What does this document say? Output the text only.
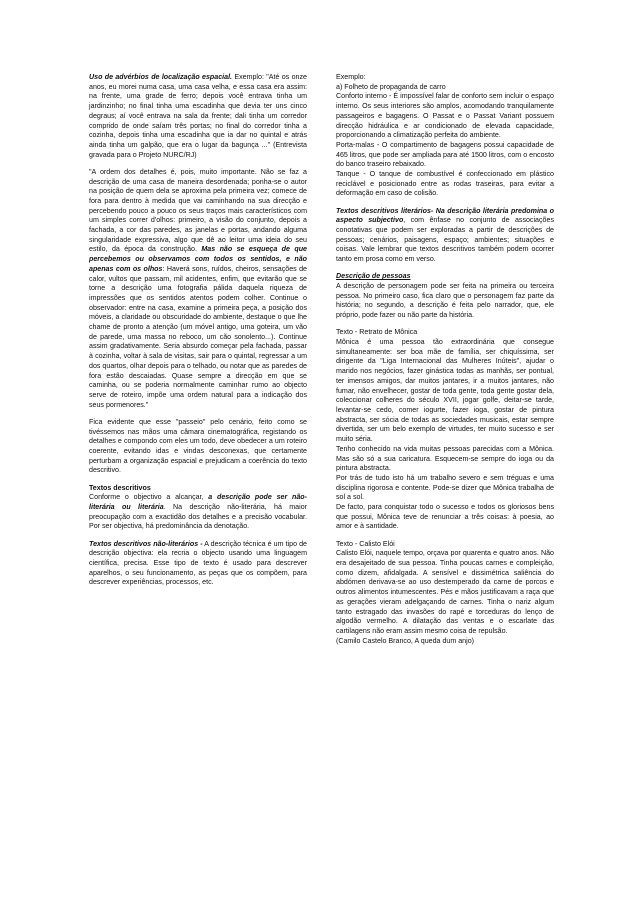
Uso de advérbios de localização espacial. Exemplo: "Até os onze anos, eu morei numa casa, uma casa velha, e essa casa era assim: na frente, uma grade de ferro; depois você entrava tinha um jardinzinho; no final tinha uma escadinha que devia ter uns cinco degraus; aí você entrava na sala da frente; dali tinha um corredor comprido de onde saíam três portas; no final do corredor tinha a cozinha, depois tinha uma escadinha que ia dar no quintal e atrás ainda tinha um galpão, que era o lugar da bagunça ..." (Entrevista gravada para o Projeto NURC/RJ)

"A ordem dos detalhes é, pois, muito importante. Não se faz a descrição de uma casa de maneira desordenada; ponha-se o autor na posição de quem dela se aproxima pela primeira vez; comece de fora para dentro à medida que vai caminhando na sua direcção e percebendo pouco a pouco os seus traços mais característicos com um simples correr d'olhos: primeiro, a visão do conjunto, depois a fachada, a cor das paredes, as janelas e portas, andando alguma singularidade expressiva, algo que dê ao leitor uma ideia do seu estilo, da época da construção. Mas não se esqueça de que percebemos ou observamos com todos os sentidos, e não apenas com os olhos: Haverá sons, ruídos, cheiros, sensações de calor, vultos que passam, mil acidentes, enfim, que evitarão que se torne a descrição uma fotografia pálida daquela riqueza de impressões que os sentidos atentos podem colher. Continue o observador: entre na casa, examine a primeira peça, a posição dos móveis, a claridade ou obscuridade do ambiente, destaque o que lhe chame de pronto a atenção (um móvel antigo, uma goteira, um vão de parede, uma massa no reboco, um cão sonolento...). Continue assim gradativamente. Seria absurdo começar pela fachada, passar à cozinha, voltar à sala de visitas, sair para o quintal, regressar a um dos quartos, olhar depois para o telhado, ou notar que as paredes de fora estão descaiadas. Quase sempre a direcção em que se caminha, ou se poderia normalmente caminhar rumo ao objecto serve de roteiro, impõe uma ordem natural para a indicação dos seus pormenores."

Fica evidente que esse "passeio" pelo cenário, feito como se tivéssemos nas mãos uma câmara cinematográfica, registando os detalhes e compondo com eles um todo, deve obedecer a um roteiro coerente, evitando idas e vindas desconexas, que certamente perturbam a organização espacial e prejudicam a coerência do texto descritivo.

Textos descritivos
Conforme o objectivo a alcançar, a descrição pode ser não-literária ou literária. Na descrição não-literária, há maior preocupação com a exactidão dos detalhes e a precisão vocabular. Por ser objectiva, há predominância da denotação.

Textos descritivos não-literários - A descrição técnica é um tipo de descrição objectiva: ela recria o objecto usando uma linguagem científica, precisa. Esse tipo de texto é usado para descrever aparelhos, o seu funcionamento, as peças que os compõem, para descrever experiências, processos, etc.

Exemplo:
a) Folheto de propaganda de carro
Conforto interno - É impossível falar de conforto sem incluir o espaço interno. Os seus interiores são amplos, acomodando tranquilamente passageiros e bagagens. O Passat e o Passat Variant possuem direcção hidráulica e ar condicionado de elevada capacidade, proporcionando a climatização perfeita do ambiente.
Porta-malas - O compartimento de bagagens possui capacidade de 465 litros, que pode ser ampliada para até 1500 litros, com o encosto do banco traseiro rebaixado.
Tanque - O tanque de combustível é confeccionado em plástico reciclável e posicionado entre as rodas traseiras, para evitar a deformação em caso de colisão.

Textos descritivos literários- Na descrição literária predomina o aspecto subjectivo, com ênfase no conjunto de associações conotativas que podem ser exploradas a partir de descrições de pessoas; cenários, paisagens, espaço; ambientes; situações e coisas. Vale lembrar que textos descritivos também podem ocorrer tanto em prosa como em verso.

Descrição de pessoas
A descrição de personagem pode ser feita na primeira ou terceira pessoa. No primeiro caso, fica claro que o personagem faz parte da história; no segundo, a descrição é feita pelo narrador, que, ele próprio, pode fazer ou não parte da história.

Texto - Retrato de Mônica
Mônica é uma pessoa tão extraordinária que consegue simultaneamente: ser boa mãe de família, ser chiquíssima, ser dirigente da "Liga Internacional das Mulheres Inúteis", ajudar o marido nos negócios, fazer ginástica todas as manhãs, ser pontual, ter imensos amigos, dar muitos jantares, ir a muitos jantares, não fumar, não envelhecer, gostar de toda gente, toda gente gostar dela, coleccionar colheres do século XVII, jogar golfe, deitar-se tarde, levantar-se cedo, comer iogurte, fazer ioga, gostar de pintura abstracta, ser sócia de todas as sociedades musicais, estar sempre divertida, ser um belo exemplo de virtudes, ter muito sucesso e ser muito séria.
Tenho conhecido na vida muitas pessoas parecidas com a Mônica. Mas são só a sua caricatura. Esquecem-se sempre do ioga ou da pintura abstracta.
Por trás de tudo isto há um trabalho severo e sem tréguas e uma disciplina rigorosa e contente. Pode-se dizer que Mônica trabalha de sol a sol.
De facto, para conquistar todo o sucesso e todos os gloriosos bens que possui, Mônica teve de renunciar a três coisas: à poesia, ao amor e à santidade.

Texto - Calisto Elói
Calisto Elói, naquele tempo, orçava por quarenta e quatro anos. Não era desajeitado de sua pessoa. Tinha poucas carnes e compleição, como dizem, afidalgada. A sensível e dissimétrica saliência do abdómen derivava-se ao uso destemperado da carne de porcos e outros alimentos intumescentes. Pés e mãos justificavam a raça que as gerações vieram adelgaçando de carnes. Tinha o nariz algum tanto estragado das invasões do rapé e torceduras do lenço de algodão vermelho. A dilatação das ventas e o escarlate das cartilagens não eram assim mesmo coisa de repulsão.
(Camilo Castelo Branco, A queda dum anjo)
